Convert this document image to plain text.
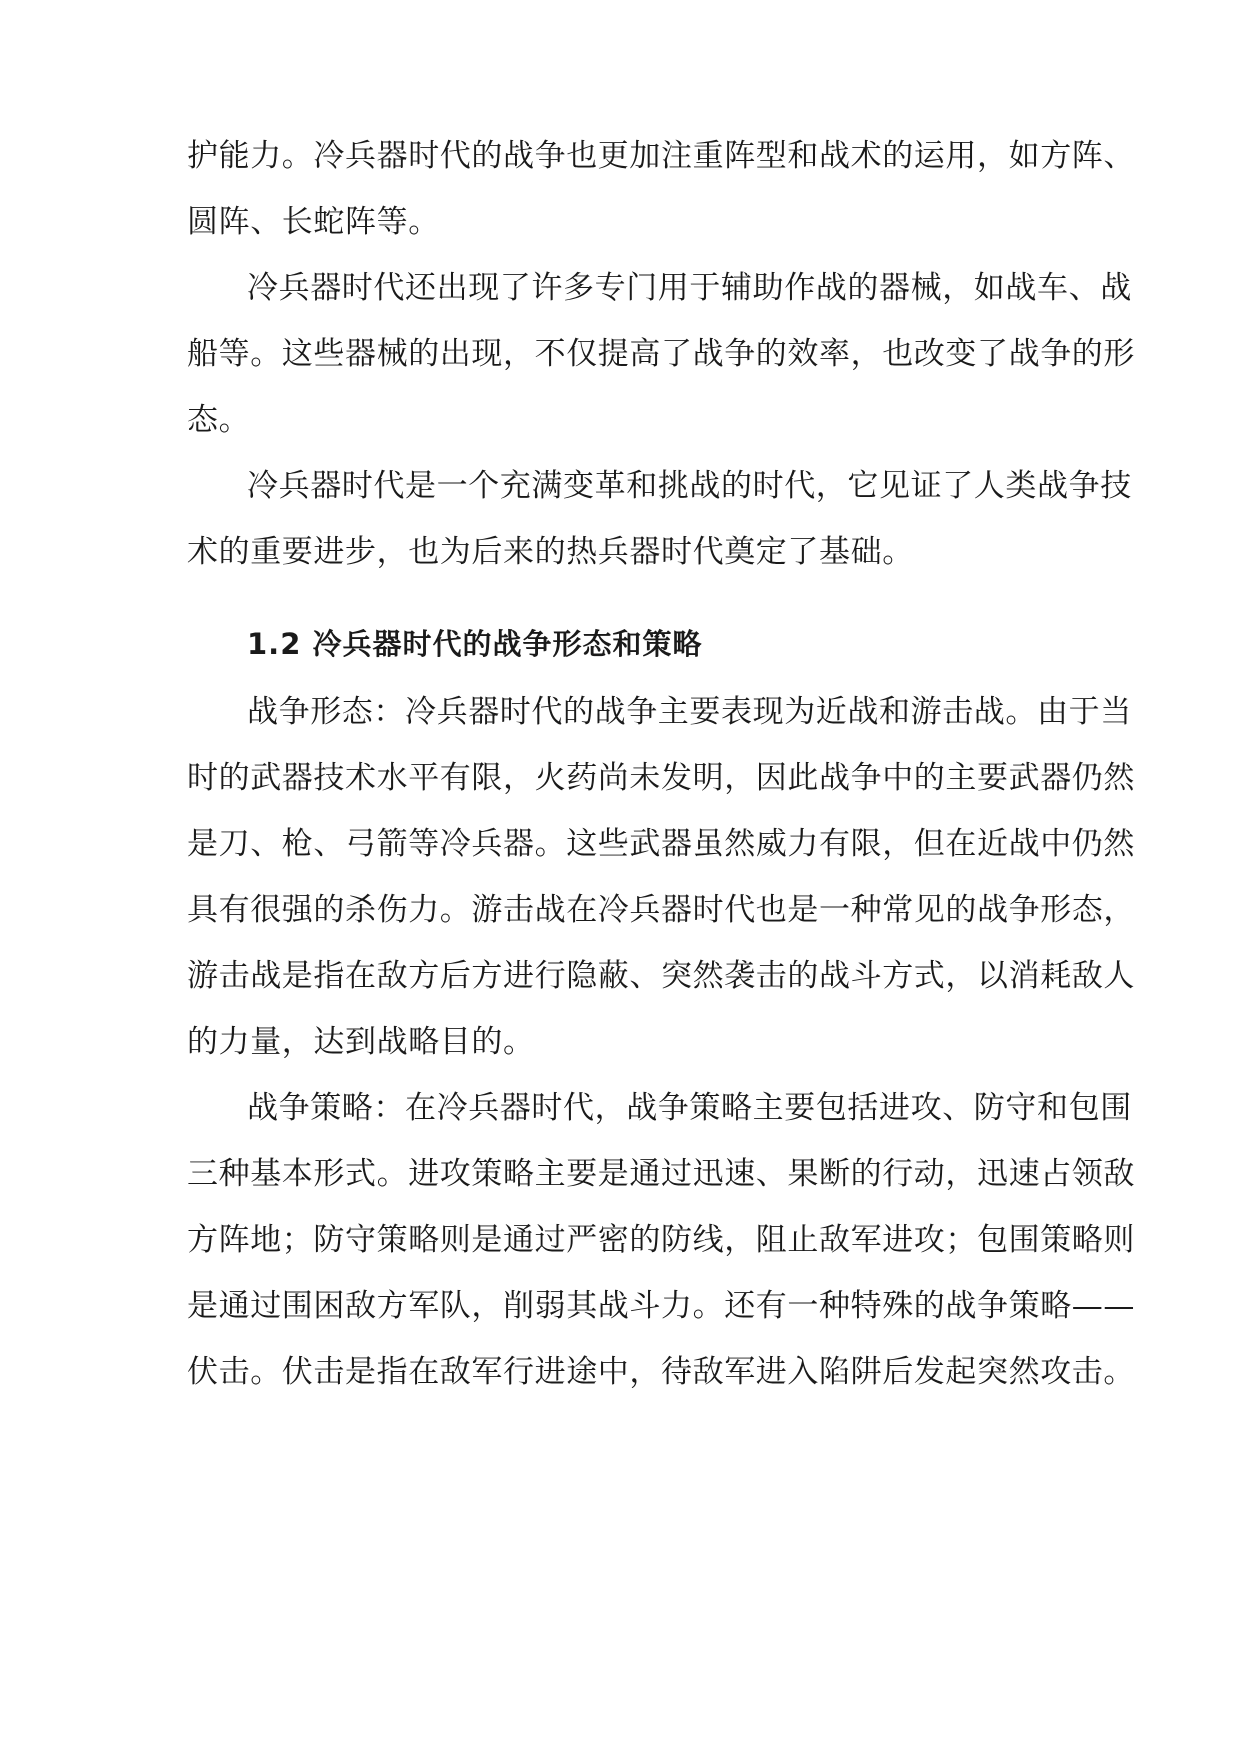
护能力。冷兵器时代的战争也更加注重阵型和战术的运用，如方阵、
圆阵、长蛇阵等。
冷兵器时代还出现了许多专门用于辅助作战的器械，如战车、战
船等。这些器械的出现，不仅提高了战争的效率，也改变了战争的形
态。
冷兵器时代是一个充满变革和挑战的时代，它见证了人类战争技
术的重要进步，也为后来的热兵器时代奠定了基础。
1.2 冷兵器时代的战争形态和策略
战争形态：冷兵器时代的战争主要表现为近战和游击战。由于当
时的武器技术水平有限，火药尚未发明，因此战争中的主要武器仍然
是刀、枪、弓箭等冷兵器。这些武器虽然威力有限，但在近战中仍然
具有很强的杀伤力。游击战在冷兵器时代也是一种常见的战争形态，
游击战是指在敌方后方进行隐蔽、突然袭击的战斗方式，以消耗敌人
的力量，达到战略目的。
战争策略：在冷兵器时代，战争策略主要包括进攻、防守和包围
三种基本形式。进攻策略主要是通过迅速、果断的行动，迅速占领敌
方阵地；防守策略则是通过严密的防线，阻止敌军进攻；包围策略则
是通过围困敌方军队，削弱其战斗力。还有一种特殊的战争策略——
伏击。伏击是指在敌军行进途中，待敌军进入陷阱后发起突然攻击。
